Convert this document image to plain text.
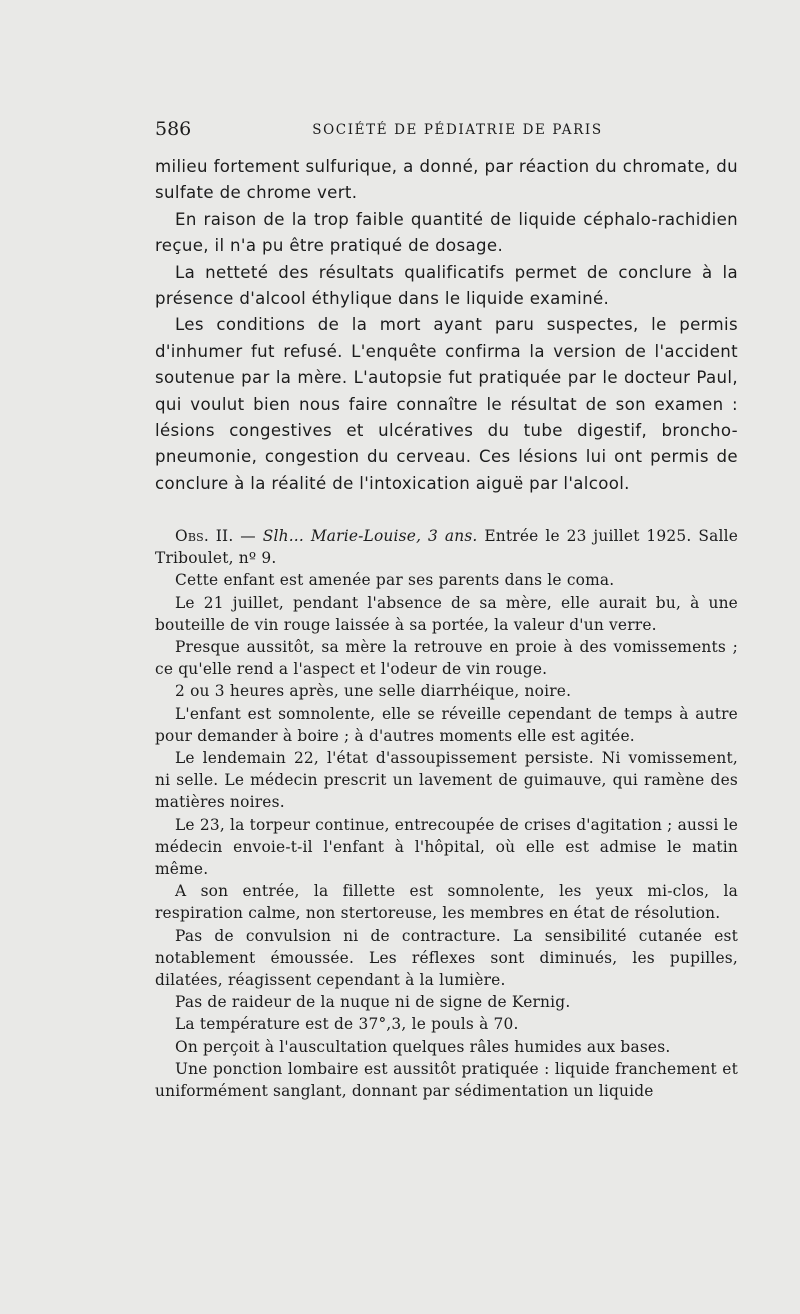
586	SOCIÉTÉ DE PÉDIATRIE DE PARIS

milieu fortement sulfurique, a donné, par réaction du chromate, du sulfate de chrome vert.

En raison de la trop faible quantité de liquide céphalo-rachidien reçue, il n'a pu être pratiqué de dosage.

La netteté des résultats qualificatifs permet de conclure à la présence d'alcool éthylique dans le liquide examiné.

Les conditions de la mort ayant paru suspectes, le permis d'inhumer fut refusé. L'enquête confirma la version de l'accident soutenue par la mère. L'autopsie fut pratiquée par le docteur Paul, qui voulut bien nous faire connaître le résultat de son examen : lésions congestives et ulcératives du tube digestif, broncho-pneumonie, congestion du cerveau. Ces lésions lui ont permis de conclure à la réalité de l'intoxication aiguë par l'alcool.

Obs. II. — Slh... Marie-Louise, 3 ans. Entrée le 23 juillet 1925. Salle Triboulet, nº 9.

Cette enfant est amenée par ses parents dans le coma.

Le 21 juillet, pendant l'absence de sa mère, elle aurait bu, à une bouteille de vin rouge laissée à sa portée, la valeur d'un verre.

Presque aussitôt, sa mère la retrouve en proie à des vomissements ; ce qu'elle rend a l'aspect et l'odeur de vin rouge.

2 ou 3 heures après, une selle diarrhéique, noire.

L'enfant est somnolente, elle se réveille cependant de temps à autre pour demander à boire ; à d'autres moments elle est agitée.

Le lendemain 22, l'état d'assoupissement persiste. Ni vomissement, ni selle. Le médecin prescrit un lavement de guimauve, qui ramène des matières noires.

Le 23, la torpeur continue, entrecoupée de crises d'agitation ; aussi le médecin envoie-t-il l'enfant à l'hôpital, où elle est admise le matin même.

A son entrée, la fillette est somnolente, les yeux mi-clos, la respiration calme, non stertoreuse, les membres en état de résolution.

Pas de convulsion ni de contracture. La sensibilité cutanée est notablement émoussée. Les réflexes sont diminués, les pupilles, dilatées, réagissent cependant à la lumière.

Pas de raideur de la nuque ni de signe de Kernig.

La température est de 37°,3, le pouls à 70.

On perçoit à l'auscultation quelques râles humides aux bases.

Une ponction lombaire est aussitôt pratiquée : liquide franchement et uniformément sanglant, donnant par sédimentation un liquide
